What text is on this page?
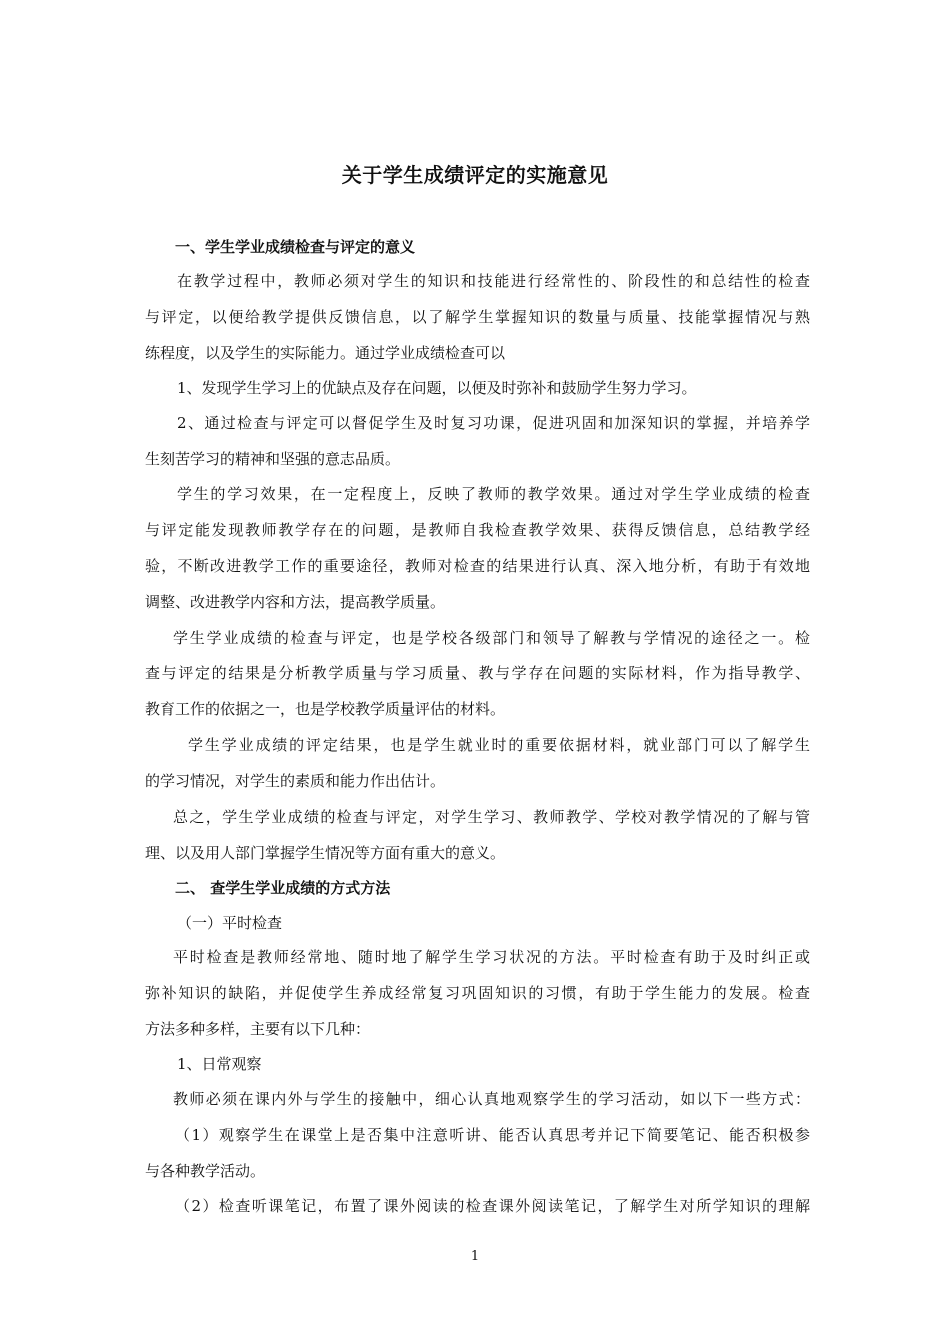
关于学生成绩评定的实施意见
一、学生学业成绩检查与评定的意义
在教学过程中，教师必须对学生的知识和技能进行经常性的、阶段性的和总结性的检查
与评定，以便给教学提供反馈信息，以了解学生掌握知识的数量与质量、技能掌握情况与熟
练程度，以及学生的实际能力。通过学业成绩检查可以
1、发现学生学习上的优缺点及存在问题，以便及时弥补和鼓励学生努力学习。
2、通过检查与评定可以督促学生及时复习功课，促进巩固和加深知识的掌握，并培养学
生刻苦学习的精神和坚强的意志品质。
学生的学习效果，在一定程度上，反映了教师的教学效果。通过对学生学业成绩的检查
与评定能发现教师教学存在的问题，是教师自我检查教学效果、获得反馈信息，总结教学经
验，不断改进教学工作的重要途径，教师对检查的结果进行认真、深入地分析，有助于有效地
调整、改进教学内容和方法，提高教学质量。
学生学业成绩的检查与评定，也是学校各级部门和领导了解教与学情况的途径之一。检
查与评定的结果是分析教学质量与学习质量、教与学存在问题的实际材料，作为指导教学、
教育工作的依据之一，也是学校教学质量评估的材料。
学生学业成绩的评定结果，也是学生就业时的重要依据材料，就业部门可以了解学生
的学习情况，对学生的素质和能力作出估计。
总之，学生学业成绩的检查与评定，对学生学习、教师教学、学校对教学情况的了解与管
理、以及用人部门掌握学生情况等方面有重大的意义。
二、 查学生学业成绩的方式方法
（一）平时检查
平时检查是教师经常地、随时地了解学生学习状况的方法。平时检查有助于及时纠正或
弥补知识的缺陷，并促使学生养成经常复习巩固知识的习惯，有助于学生能力的发展。检查
方法多种多样，主要有以下几种：
1、日常观察
教师必须在课内外与学生的接触中，细心认真地观察学生的学习活动，如以下一些方式：
（1）观察学生在课堂上是否集中注意听讲、能否认真思考并记下简要笔记、能否积极参
与各种教学活动。
（2）检查听课笔记，布置了课外阅读的检查课外阅读笔记，了解学生对所学知识的理解
1
